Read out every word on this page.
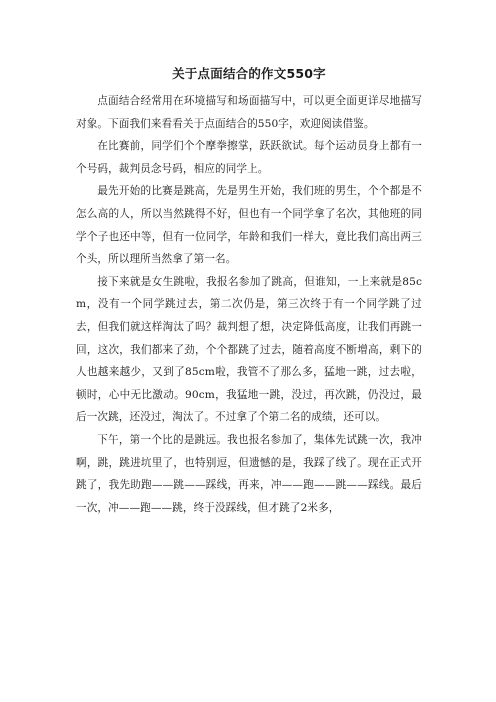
关于点面结合的作文550字

点面结合经常用在环境描写和场面描写中，可以更全面更详尽地描写对象。下面我们来看看关于点面结合的550字，欢迎阅读借鉴。

在比赛前，同学们个个摩拳擦掌，跃跃欲试。每个运动员身上都有一个号码，裁判员念号码，相应的同学上。

最先开始的比赛是跳高，先是男生开始，我们班的男生，个个都是不怎么高的人，所以当然跳得不好，但也有一个同学拿了名次，其他班的同学个子也还中等，但有一位同学，年龄和我们一样大，竟比我们高出两三个头，所以理所当然拿了第一名。

接下来就是女生跳啦，我报名参加了跳高，但谁知，一上来就是85cm，没有一个同学跳过去，第二次仍是，第三次终于有一个同学跳了过去，但我们就这样淘汰了吗？裁判想了想，决定降低高度，让我们再跳一回，这次，我们都来了劲，个个都跳了过去，随着高度不断增高，剩下的人也越来越少，又到了85cm啦，我管不了那么多，猛地一跳，过去啦，顿时，心中无比激动。90cm，我猛地一跳，没过，再次跳，仍没过，最后一次跳，还没过，淘汰了。不过拿了个第二名的成绩，还可以。

下午，第一个比的是跳远。我也报名参加了，集体先试跳一次，我冲啊，跳，跳进坑里了，也特别逗，但遗憾的是，我踩了线了。现在正式开跳了，我先助跑——跳——踩线，再来，冲——跑——跳——踩线。最后一次，冲——跑——跳，终于没踩线，但才跳了2米多，
